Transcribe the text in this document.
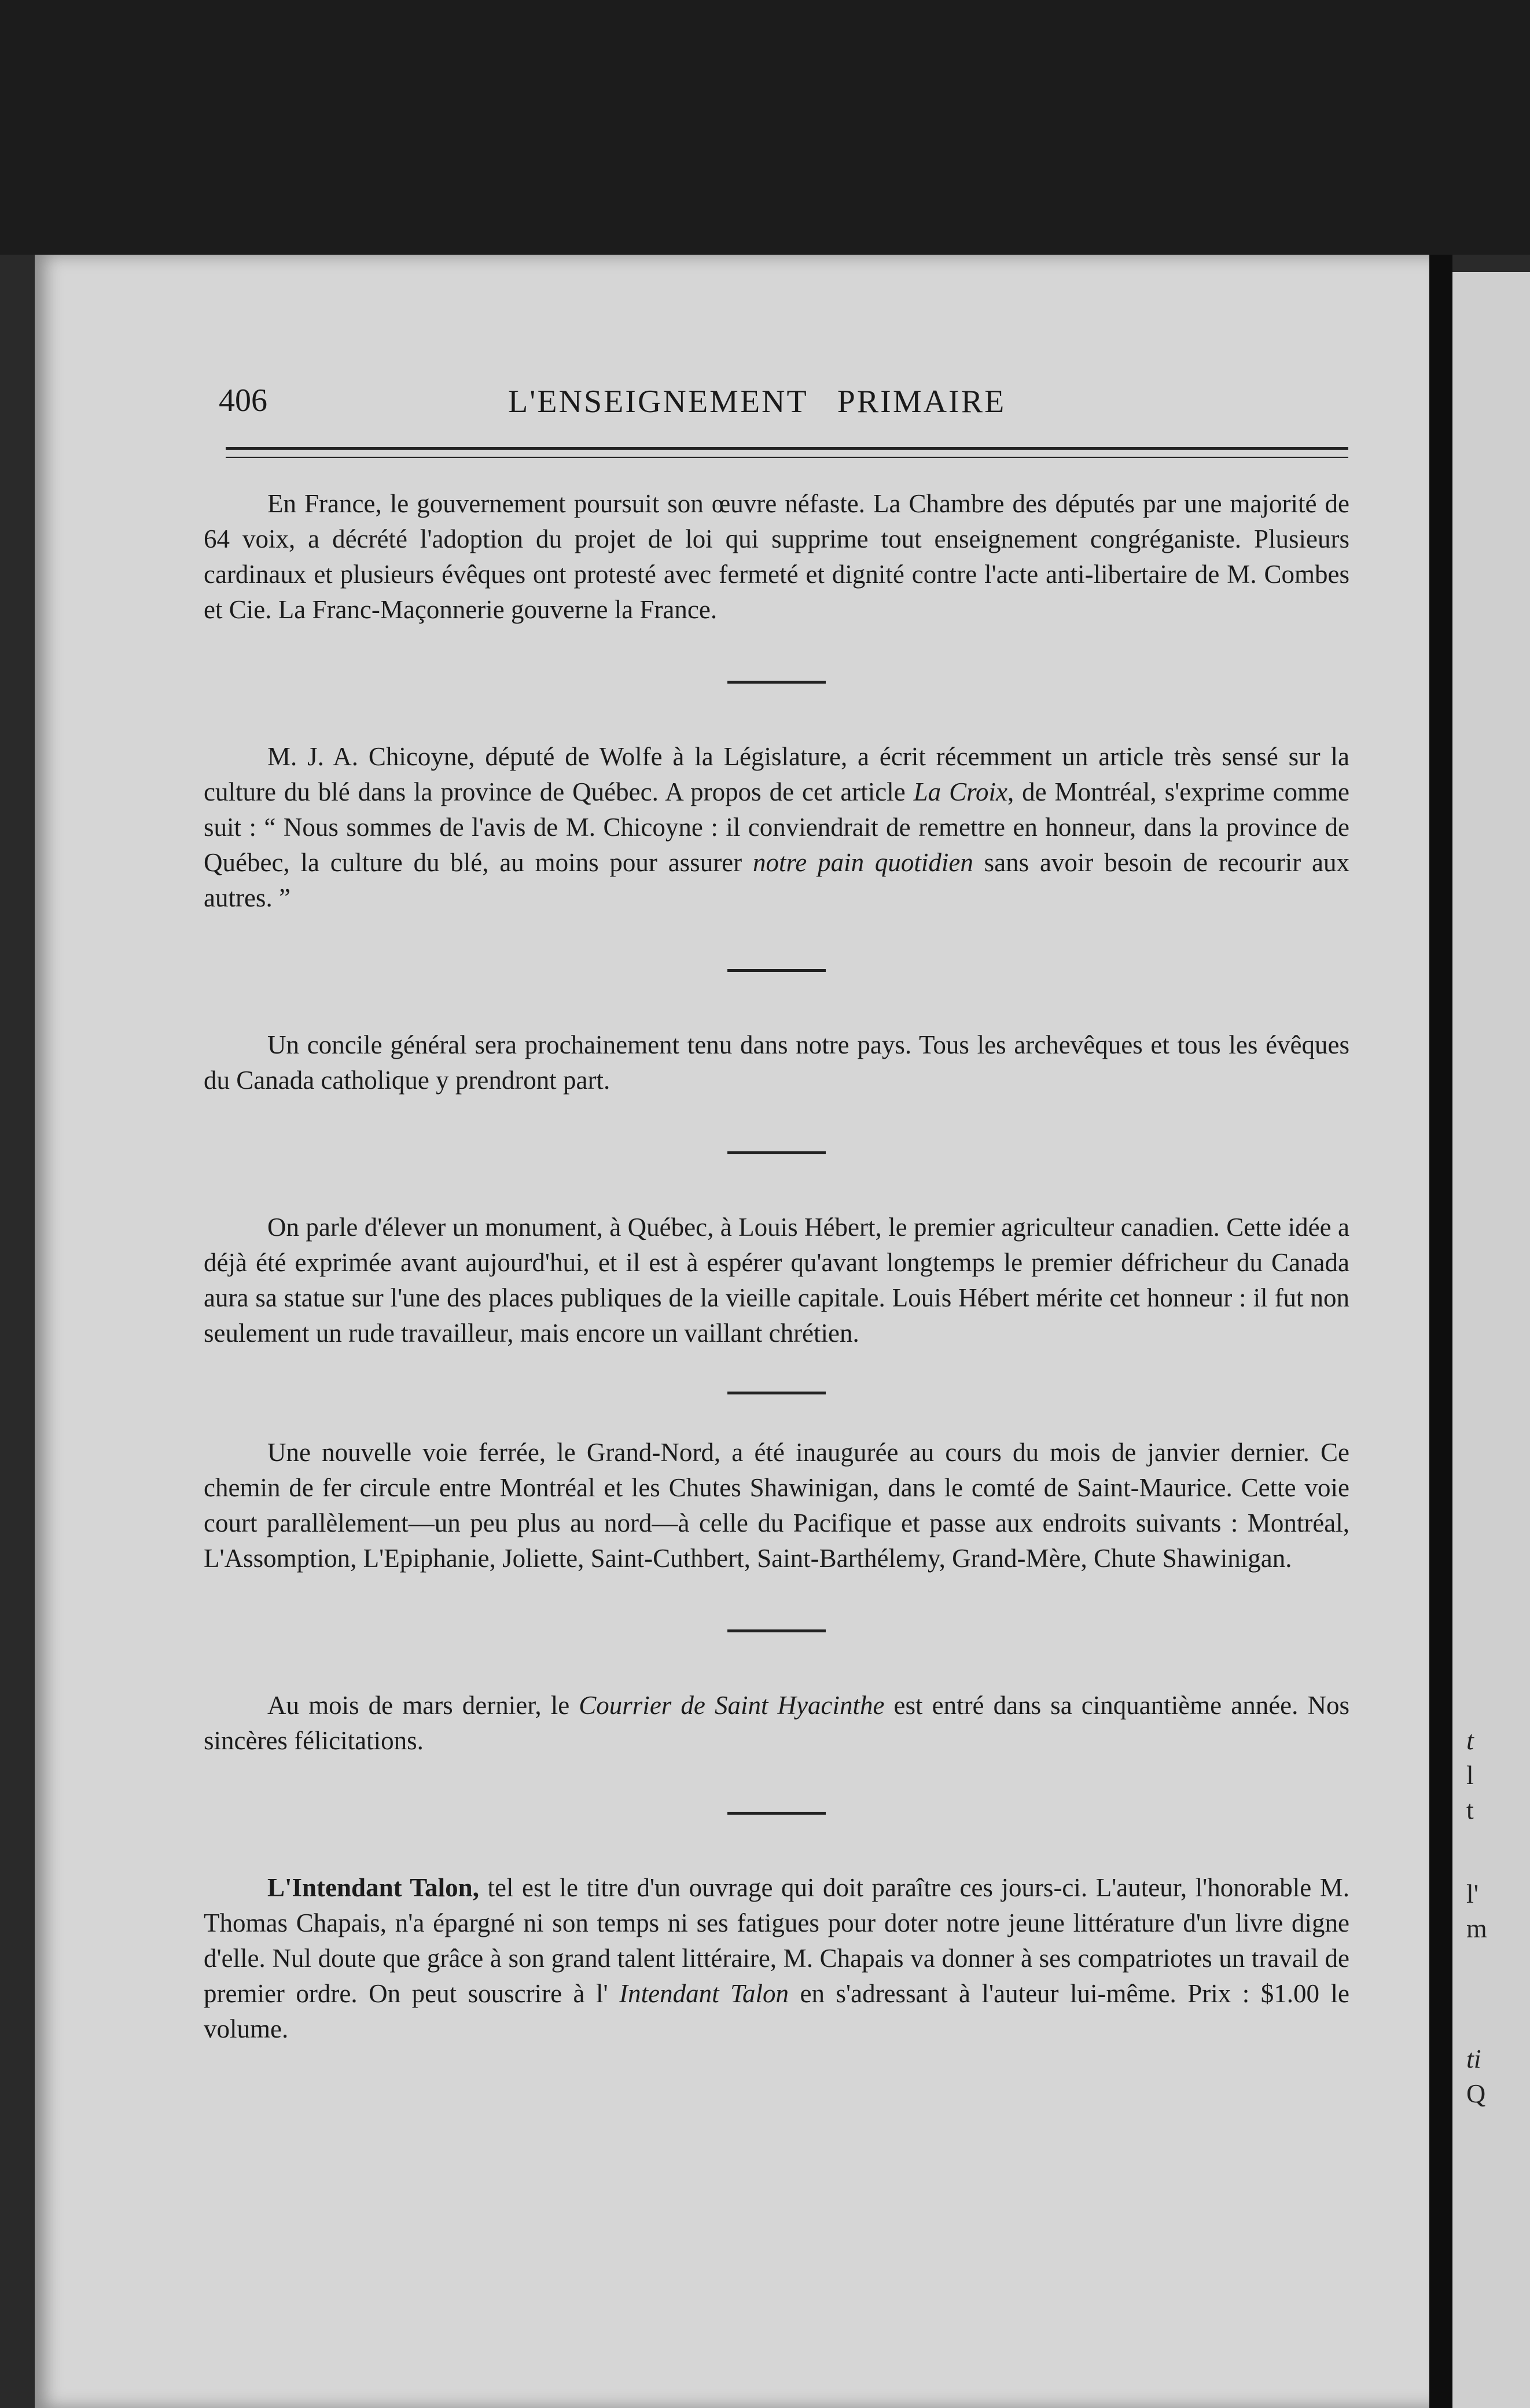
t
l
t
l'
m
ti
Q
406	L'ENSEIGNEMENT   PRIMAIRE

En France, le gouvernement poursuit son œuvre néfaste. La Chambre des députés par une majorité de 64 voix, a décrété l'adoption du projet de loi qui supprime tout enseignement congréganiste. Plusieurs cardinaux et plusieurs évêques ont protesté avec fermeté et dignité contre l'acte anti-libertaire de M. Combes et Cie. La Franc-Maçonnerie gouverne la France.

M. J. A. Chicoyne, député de Wolfe à la Législature, a écrit récemment un article très sensé sur la culture du blé dans la province de Québec. A propos de cet article La Croix, de Montréal, s'exprime comme suit : “ Nous sommes de l'avis de M. Chicoyne : il conviendrait de remettre en honneur, dans la province de Québec, la culture du blé, au moins pour assurer notre pain quotidien sans avoir besoin de recourir aux autres. ”

Un concile général sera prochainement tenu dans notre pays. Tous les archevêques et tous les évêques du Canada catholique y prendront part.

On parle d'élever un monument, à Québec, à Louis Hébert, le premier agriculteur canadien. Cette idée a déjà été exprimée avant aujourd'hui, et il est à espérer qu'avant longtemps le premier défricheur du Canada aura sa statue sur l'une des places publiques de la vieille capitale. Louis Hébert mérite cet honneur : il fut non seulement un rude travailleur, mais encore un vaillant chrétien.

Une nouvelle voie ferrée, le Grand-Nord, a été inaugurée au cours du mois de janvier dernier. Ce chemin de fer circule entre Montréal et les Chutes Shawinigan, dans le comté de Saint-Maurice. Cette voie court parallèlement—un peu plus au nord—à celle du Pacifique et passe aux endroits suivants : Montréal, L'Assomption, L'Epiphanie, Joliette, Saint-Cuthbert, Saint-Barthélemy, Grand-Mère, Chute Shawinigan.

Au mois de mars dernier, le Courrier de Saint Hyacinthe est entré dans sa cinquantième année. Nos sincères félicitations.

L'Intendant Talon, tel est le titre d'un ouvrage qui doit paraître ces jours-ci. L'auteur, l'honorable M. Thomas Chapais, n'a épargné ni son temps ni ses fatigues pour doter notre jeune littérature d'un livre digne d'elle. Nul doute que grâce à son grand talent littéraire, M. Chapais va donner à ses compatriotes un travail de premier ordre. On peut souscrire à l' Intendant Talon en s'adressant à l'auteur lui-même. Prix : $1.00 le volume.
